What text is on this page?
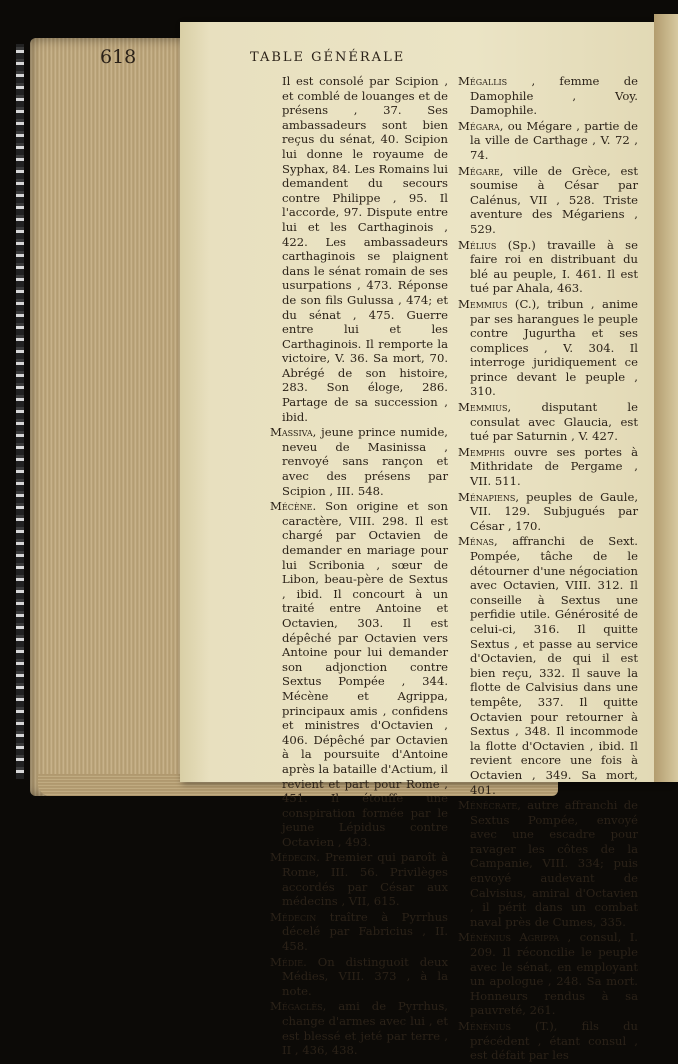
618	TABLE GÉNÉRALE

Il est consolé par Scipion , et comblé de louanges et de présens , 37. Ses ambassadeurs sont bien reçus du sénat, 40. Scipion lui donne le royaume de Syphax, 84. Les Romains lui demandent du secours contre Philippe , 95. Il l'accorde, 97. Dispute entre lui et les Carthaginois , 422. Les ambassadeurs carthaginois se plaignent dans le sénat romain de ses usurpations , 473. Réponse de son fils Gulussa , 474; et du sénat , 475. Guerre entre lui et les Carthaginois. Il remporte la victoire, V. 36. Sa mort, 70. Abrégé de son histoire, 283. Son éloge, 286. Partage de sa succession , ibid.

Massiva, jeune prince numide, neveu de Masinissa , renvoyé sans rançon et avec des présens par Scipion , III. 548.

Mécène. Son origine et son caractère, VIII. 298. Il est chargé par Octavien de demander en mariage pour lui Scribonia , sœur de Libon, beau-père de Sextus , ibid. Il concourt à un traité entre Antoine et Octavien, 303. Il est dépêché par Octavien vers Antoine pour lui demander son adjonction contre Sextus Pompée , 344. Mécène et Agrippa, principaux amis , confidens et ministres d'Octavien , 406. Dépêché par Octavien à la poursuite d'Antoine après la bataille d'Actium, il revient et part pour Rome , 451. Il étouffe une conspiration formée par le jeune Lépidus contre Octavien , 493.

Médecin. Premier qui paroît à Rome, III. 56. Privilèges accordés par César aux médecins , VII, 615.

Médecin traître à Pyrrhus décelé par Fabricius , II. 458.

Médie. On distinguoit deux Médies, VIII. 373 , à la note.

Mégaclès, ami de Pyrrhus, change d'armes avec lui , et est blessé et jeté par terre , II , 436, 438.

Mégallis , femme de Damophile , Voy. Damophile.

Mégara, ou Mégare , partie de la ville de Carthage , V. 72 , 74.

Mégare, ville de Grèce, est soumise à César par Calénus, VII , 528. Triste aventure des Mégariens , 529.

Mélius (Sp.) travaille à se faire roi en distribuant du blé au peuple, I. 461. Il est tué par Ahala, 463.

Memmius (C.), tribun , anime par ses harangues le peuple contre Jugurtha et ses complices , V. 304. Il interroge juridiquement ce prince devant le peuple , 310.

Memmius, disputant le consulat avec Glaucia, est tué par Saturnin , V. 427.

Memphis ouvre ses portes à Mithridate de Pergame , VII. 511.

Ménapiens, peuples de Gaule, VII. 129. Subjugués par César , 170.

Ménas, affranchi de Sext. Pompée, tâche de le détourner d'une négociation avec Octavien, VIII. 312. Il conseille à Sextus une perfidie utile. Générosité de celui-ci, 316. Il quitte Sextus , et passe au service d'Octavien, de qui il est bien reçu, 332. Il sauve la flotte de Calvisius dans une tempête, 337. Il quitte Octavien pour retourner à Sextus , 348. Il incommode la flotte d'Octavien , ibid. Il revient encore une fois à Octavien , 349. Sa mort, 401.

Ménécrate, autre affranchi de Sextus Pompée, envoyé avec une escadre pour ravager les côtes de la Campanie, VIII. 334; puis envoyé audevant de Calvisius, amiral d'Octavien , il périt dans un combat naval près de Cumes, 335.

Ménénius Agrippa , consul, I. 209. Il réconcilie le peuple avec le sénat, en employant un apologue , 248. Sa mort. Honneurs rendus à sa pauvreté, 261.

Ménénius (T.), fils du précédent , étant consul , est défait par les
